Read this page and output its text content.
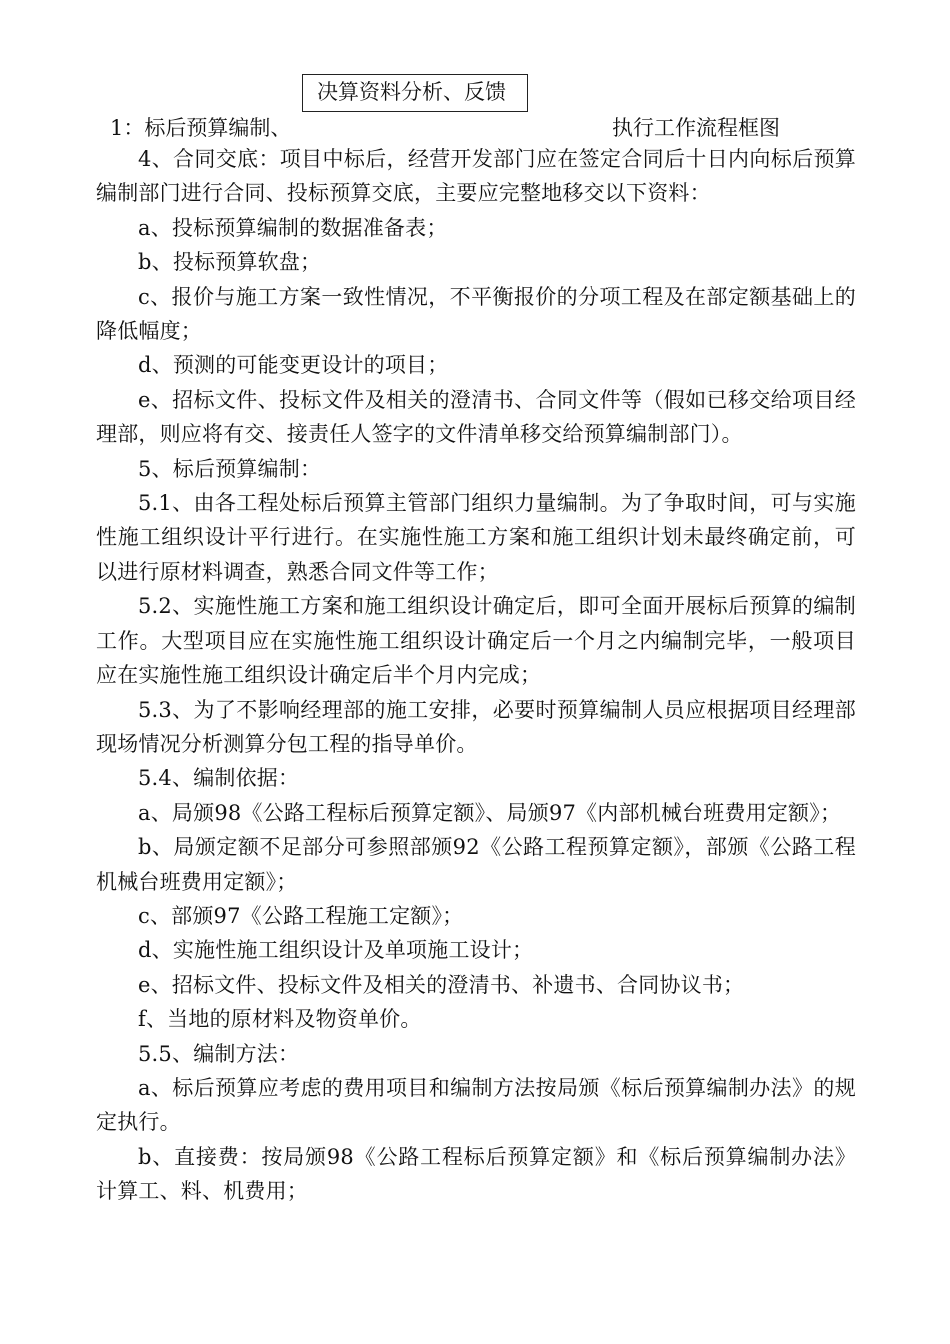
决算资料分析、反馈
1：标后预算编制、	执行工作流程框图

4、合同交底：项目中标后，经营开发部门应在签定合同后十日内向标后预算编制部门进行合同、投标预算交底，主要应完整地移交以下资料：

a、投标预算编制的数据准备表；

b、投标预算软盘；

c、报价与施工方案一致性情况，不平衡报价的分项工程及在部定额基础上的降低幅度；

d、预测的可能变更设计的项目；

e、招标文件、投标文件及相关的澄清书、合同文件等（假如已移交给项目经理部，则应将有交、接责任人签字的文件清单移交给预算编制部门）。

5、标后预算编制：

5.1、由各工程处标后预算主管部门组织力量编制。为了争取时间，可与实施性施工组织设计平行进行。在实施性施工方案和施工组织计划未最终确定前，可以进行原材料调查，熟悉合同文件等工作；

5.2、实施性施工方案和施工组织设计确定后，即可全面开展标后预算的编制工作。大型项目应在实施性施工组织设计确定后一个月之内编制完毕，一般项目应在实施性施工组织设计确定后半个月内完成；

5.3、为了不影响经理部的施工安排，必要时预算编制人员应根据项目经理部现场情况分析测算分包工程的指导单价。

5.4、编制依据：

a、局颁98《公路工程标后预算定额》、局颁97《内部机械台班费用定额》；

b、局颁定额不足部分可参照部颁92《公路工程预算定额》，部颁《公路工程机械台班费用定额》；

c、部颁97《公路工程施工定额》；

d、实施性施工组织设计及单项施工设计；

e、招标文件、投标文件及相关的澄清书、补遗书、合同协议书；

f、当地的原材料及物资单价。

5.5、编制方法：

a、标后预算应考虑的费用项目和编制方法按局颁《标后预算编制办法》的规定执行。

b、直接费：按局颁98《公路工程标后预算定额》和《标后预算编制办法》计算工、料、机费用；
